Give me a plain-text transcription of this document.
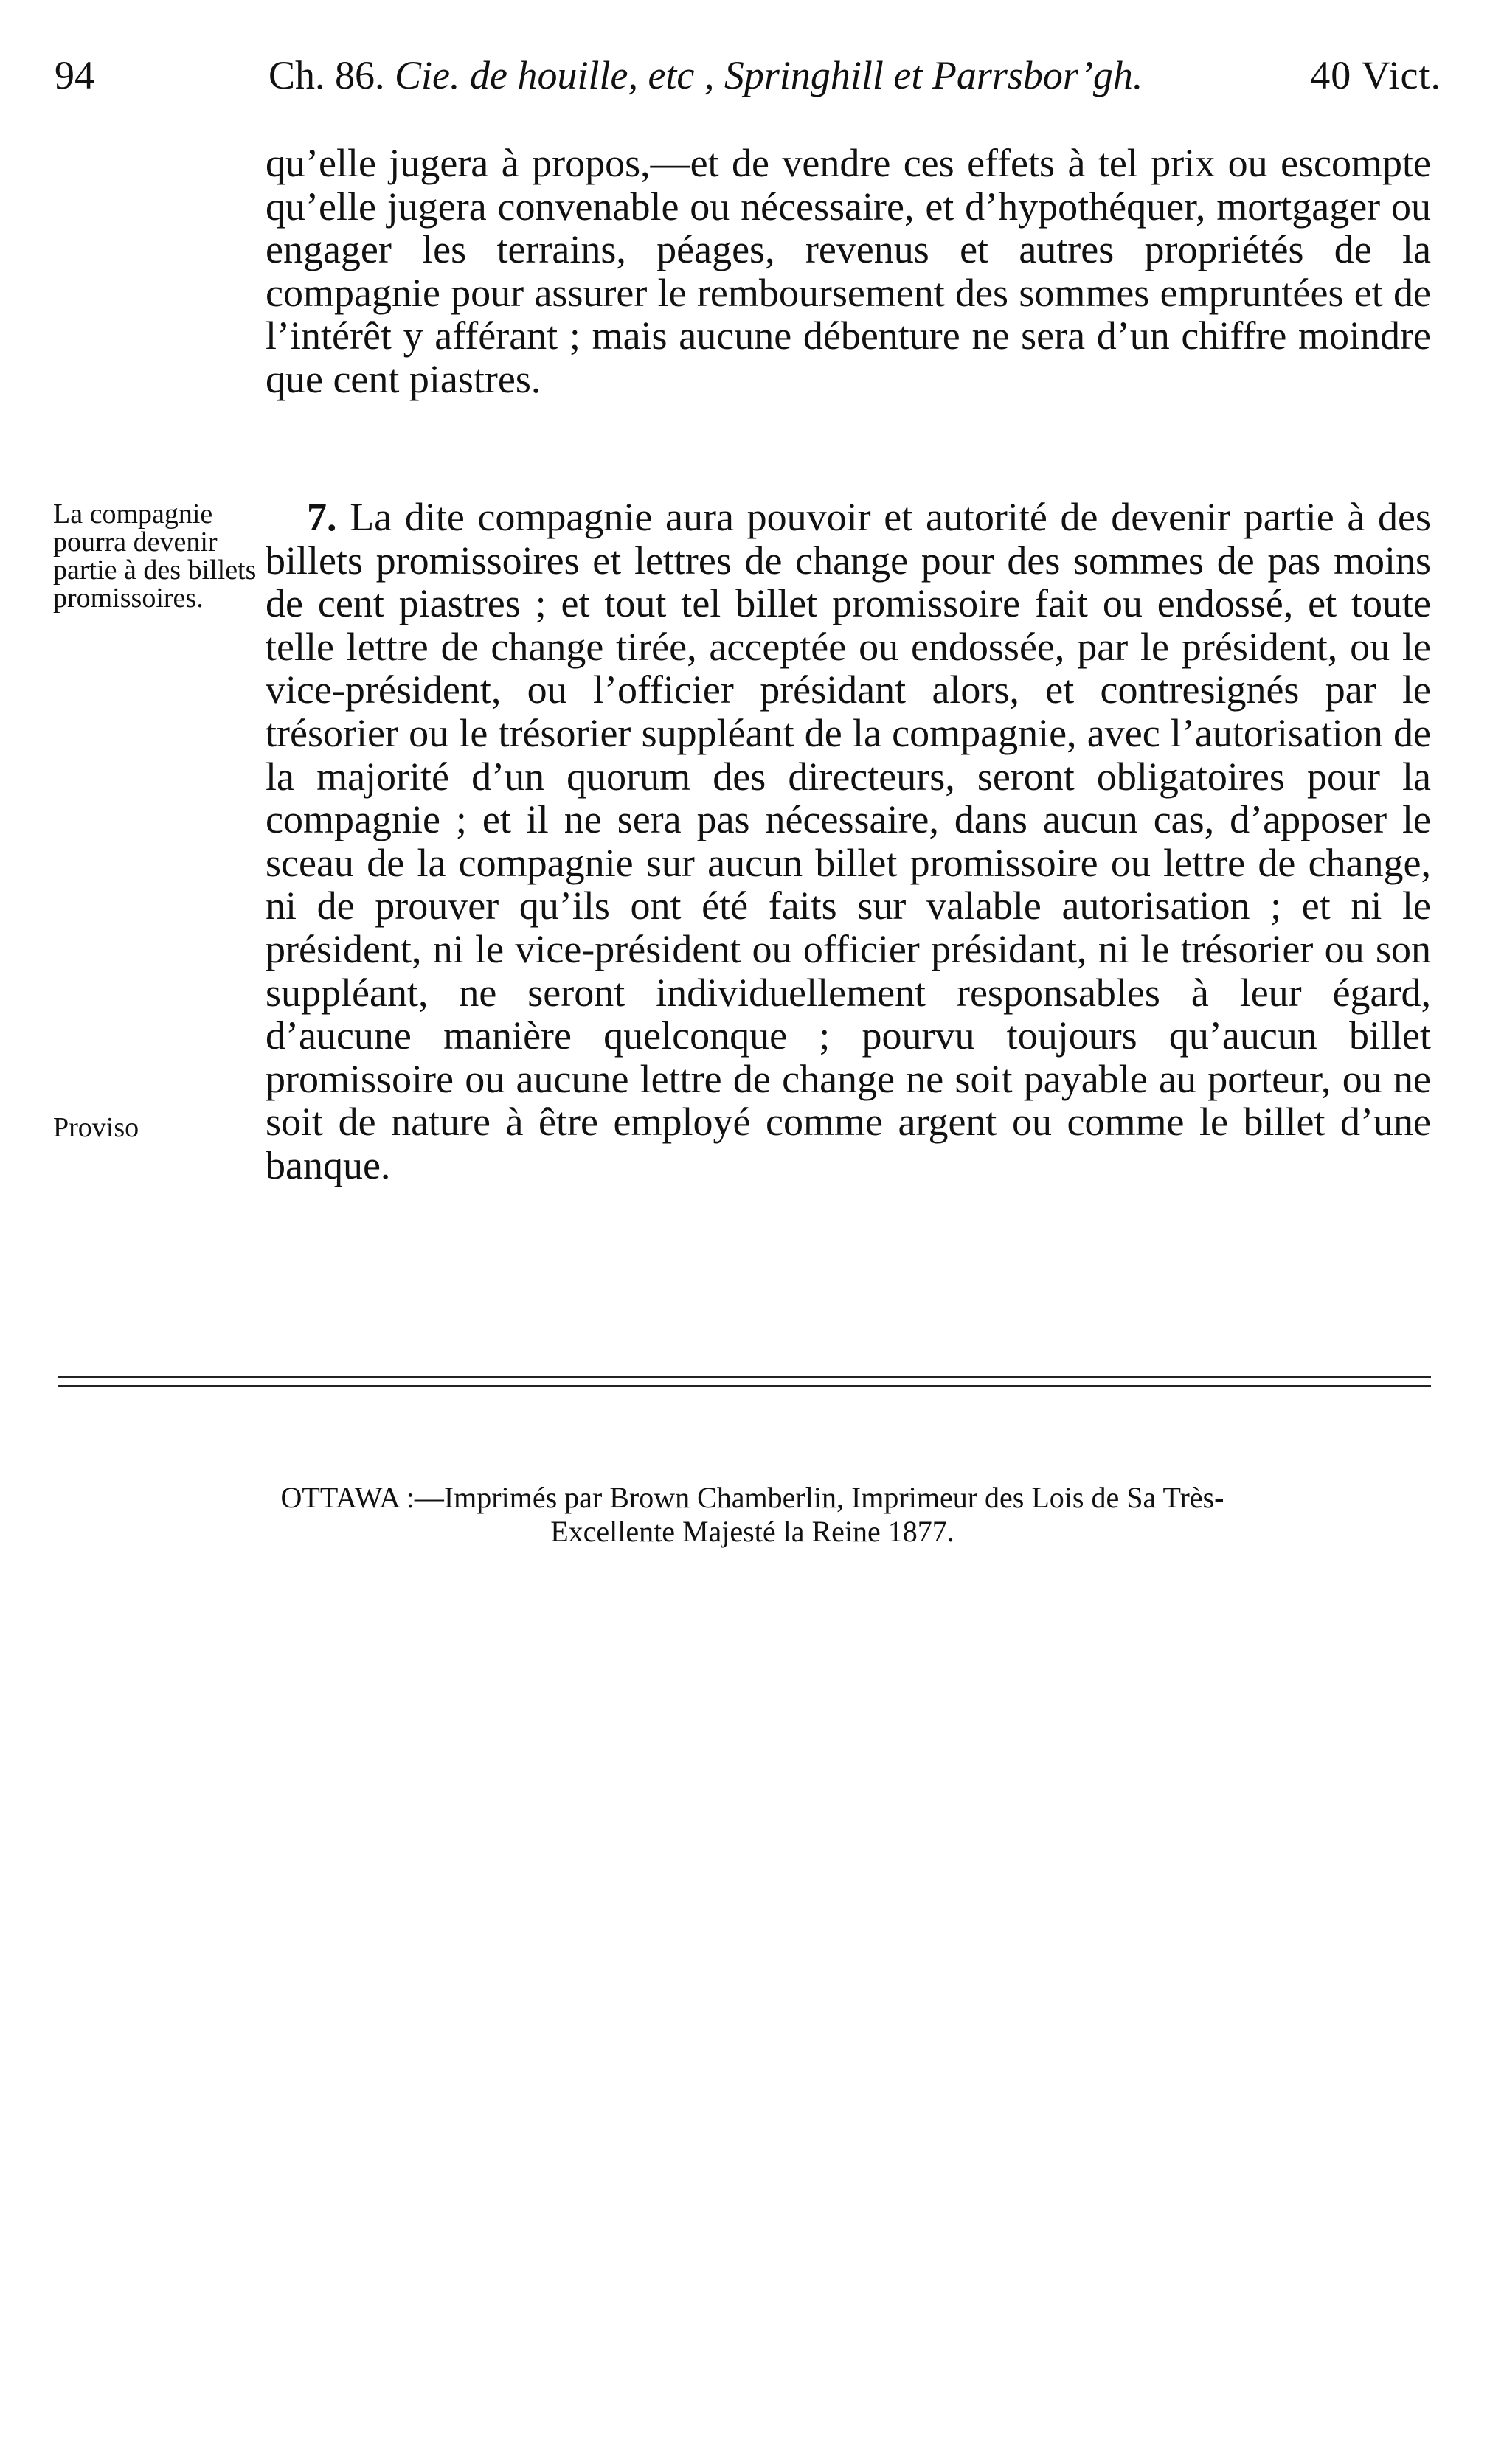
94	Ch. 86. Cie. de houille, etc , Springhill et Parrsbor’gh.	40 Vict.

qu’elle jugera à propos,—et de vendre ces effets à tel prix ou escompte qu’elle jugera convenable ou nécessaire, et d’hypothéquer, mortgager ou engager les terrains, péages, revenus et autres propriétés de la compagnie pour assurer le remboursement des sommes empruntées et de l’intérêt y afférant ; mais aucune débenture ne sera d’un chiffre moindre que cent piastres.

La compagnie pourra devenir partie à des billets promissoires.

7. La dite compagnie aura pouvoir et autorité de devenir partie à des billets promissoires et lettres de change pour des sommes de pas moins de cent piastres ; et tout tel billet promissoire fait ou endossé, et toute telle lettre de change tirée, acceptée ou endossée, par le président, ou le vice-président, ou l’officier présidant alors, et contresignés par le trésorier ou le trésorier suppléant de la compagnie, avec l’autorisation de la majorité d’un quorum des directeurs, seront obligatoires pour la compagnie ; et il ne sera pas nécessaire, dans aucun cas, d’apposer le sceau de la compagnie sur aucun billet promissoire ou lettre de change, ni de prouver qu’ils ont été faits sur valable autorisation ; et ni le président, ni le vice-président ou officier présidant, ni le trésorier ou son suppléant, ne seront individuellement responsables à leur égard, d’aucune manière quelconque ; pourvu toujours qu’aucun billet promissoire ou aucune lettre de change ne soit payable au porteur, ou ne soit de nature à être employé comme argent ou comme le billet d’une banque.

Proviso
OTTAWA :—Imprimés par Brown Chamberlin, Imprimeur des Lois de Sa Très-
Excellente Majesté la Reine 1877.
